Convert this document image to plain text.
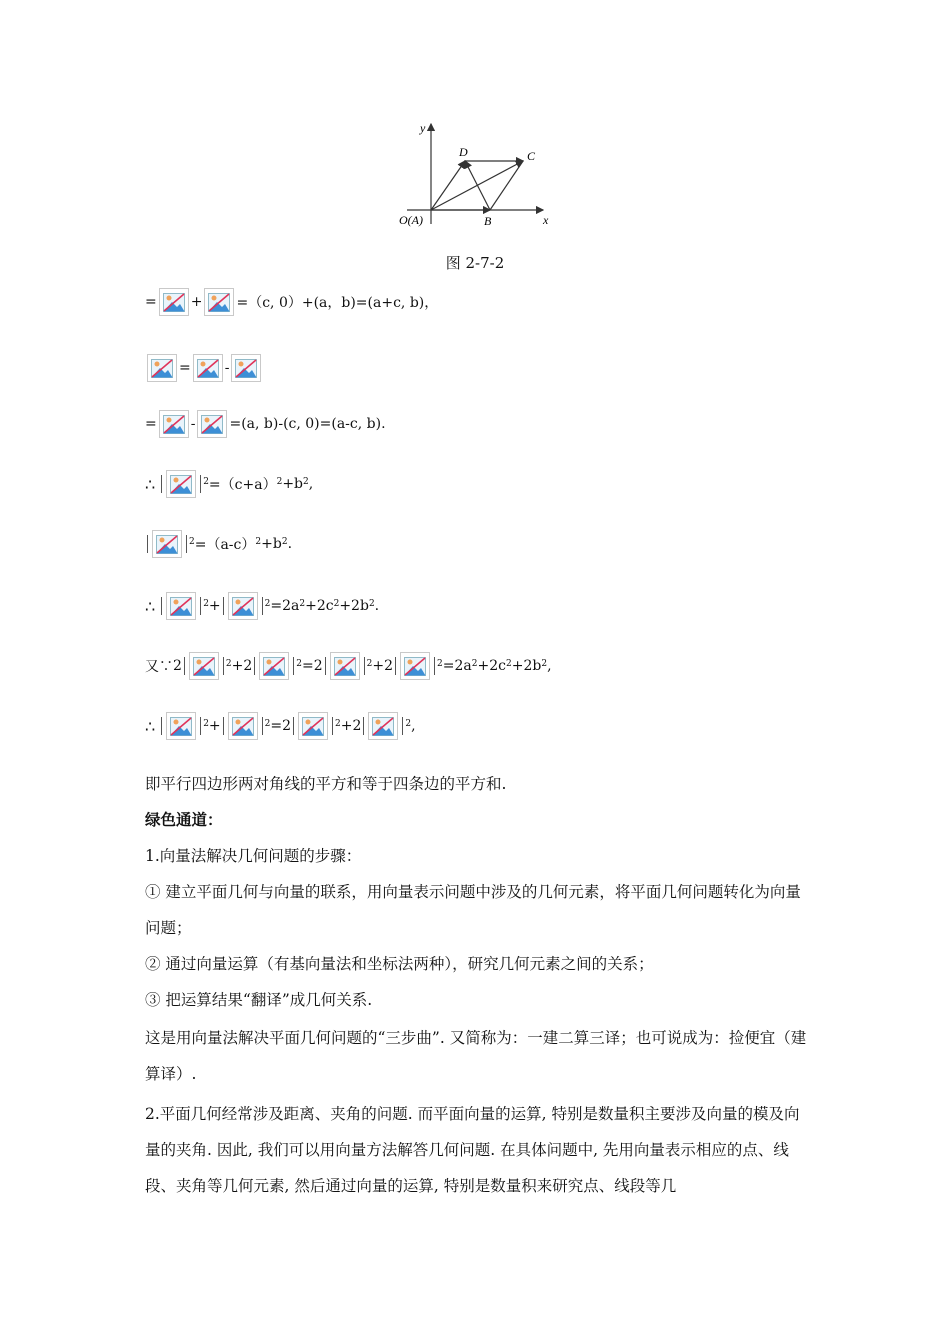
y
x
O(A)	B
C
D
图 2-7-2
= + =（c, 0）+(a，b)=(a+c, b)，
= -
= - =(a, b)-(c, 0)=(a-c, b).
∴	$^2 =(c+a)^2 +b^2$ ,
$^2 =(a-c)^2 +b^2$ .
∴	$^2$ +	$^2 =2a^2 +2c^2 +2b^2$ .
又∵ 2	$^2$ +2	$^2$ =2	$^2$ +2	$^2 =2a^2 +2c^2 +2b^2$ ,
∴	$^2$ +	$^2$ =2	$^2$ +2	$^2$ ,
即平行四边形两对角线的平方和等于四条边的平方和.
绿色通道：
1.向量法解决几何问题的步骤：
① 建立平面几何与向量的联系，用向量表示问题中涉及的几何元素，将平面几何问题转化为向量问题；
② 通过向量运算（有基向量法和坐标法两种），研究几何元素之间的关系；
③ 把运算结果“翻译”成几何关系.
这是用向量法解决平面几何问题的“三步曲”. 又简称为：一建二算三译；也可说成为：捡便宜（建算译）.
2.平面几何经常涉及距离、夹角的问题. 而平面向量的运算, 特别是数量积主要涉及向量的模及向量的夹角. 因此, 我们可以用向量方法解答几何问题. 在具体问题中, 先用向量表示相应的点、线段、夹角等几何元素, 然后通过向量的运算, 特别是数量积来研究点、线段等几
